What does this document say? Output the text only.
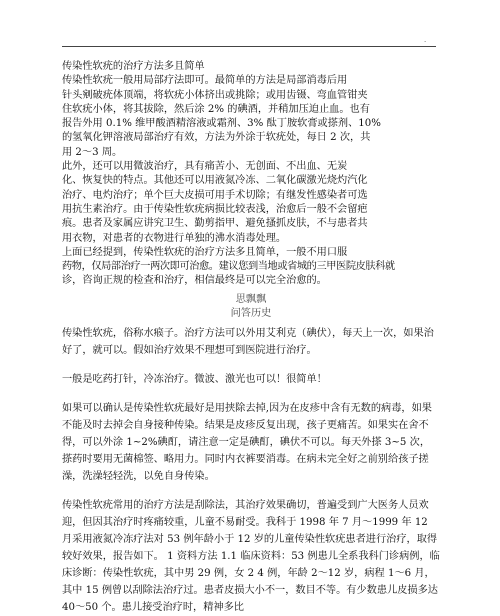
.

传染性软疣的治疗方法多且简单

传染性软疣一般用局部疗法即可。最简单的方法是局部消毒后用

针头剜破疣体顶端，将软疣小体挤出或挑除；或用齿镊、弯血管钳夹

住软疣小体，将其拔除，然后涂 2% 的碘酒，并稍加压迫止血。也有

报告外用 0.1% 维甲酸酒精溶液或霜剂、3% 酞丁胺软膏或搽剂、10%

的氢氧化钾溶液局部治疗有效，方法为外涂于软疣处，每日 2 次，共

用 2～3 周。

此外，还可以用微波治疗，具有痛苦小、无创面、不出血、无炭

化、恢复快的特点。其他还可以用液氮冷冻、二氧化碳激光烧灼汽化

治疗、电灼治疗；单个巨大皮损可用手术切除；有继发性感染者可选

用抗生素治疗。由于传染性软疣病损比较表浅，治愈后一般不会留疤

痕。患者及家属应讲究卫生、勤剪指甲、避免搔抓皮肤，不与患者共

用衣物，对患者的衣物进行单独的沸水消毒处理。

上面已经提到，传染性软疣的治疗方法多且简单，一般不用口服

药物，仅局部治疗一两次即可治愈。建议您到当地或省城的三甲医院皮肤科就

诊，咨询正规的检查和治疗，相信最终是可以完全治愈的。

思飘飘

问答历史

传染性软疣，俗称水瘊子。治疗方法可以外用艾利克（碘伏），每天上一次，如果治好了，就可以。假如治疗效果不理想可到医院进行治疗。

一般是吃药打针，冷冻治疗。微波、激光也可以！很简单！

如果可以确认是传染性软疣最好是用挟除去掉,因为在皮疹中含有无数的病毒，如果不能及时去掉会自身接种传染。结果是皮疹反复出现，孩子更痛苦。如果实在舍不得，可以外涂 1~2%碘酊，请注意一定是碘酊，碘伏不可以。每天外搽 3~5 次，搽药时要用无菌棉签、略用力。同时内衣裤要消毒。在病未完全好之前别给孩子搓澡，洗澡轻轻洗，以免自身传染。

传染性软疣常用的治疗方法是刮除法，其治疗效果确切，普遍受到广大医务人员欢迎，但因其治疗时疼痛较重，儿童不易耐受。我科于 1998 年 7 月～1999 年 12 月采用液氮冷冻疗法对 53 例年龄小于 12 岁的儿童传染性软疣患者进行治疗，取得较好效果，报告如下。 1 资料方法 1.1 临床资料：53 例患儿全系我科门诊病例，临床诊断：传染性软疣，其中男 29 例，女 2 4 例，年龄 2～12 岁，病程 1～6 月，其中 15 例曾以刮除法治疗过。患者皮损大小不一，数目不等。有少数患儿皮损多达 40～50 个。患儿接受治疗时，精神多比
